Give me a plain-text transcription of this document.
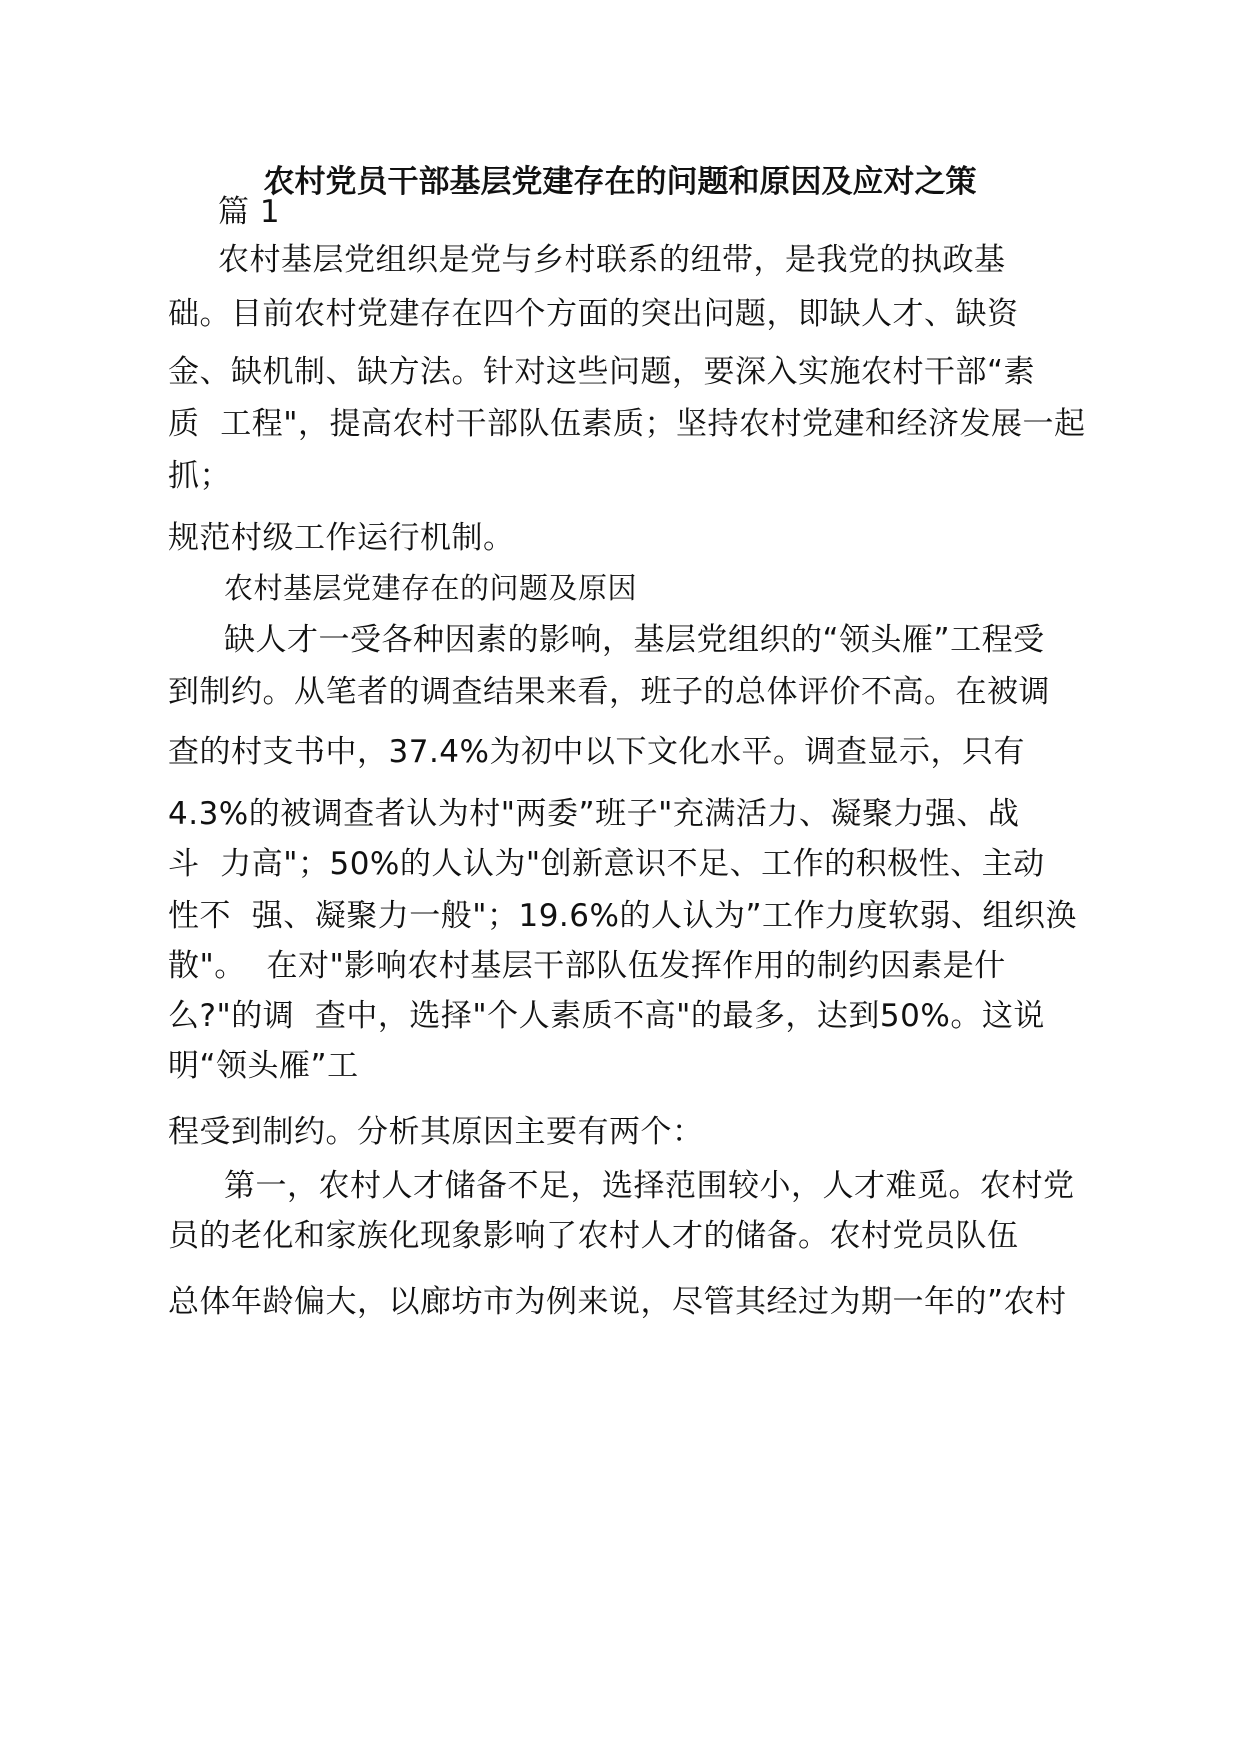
农村党员干部基层党建存在的问题和原因及应对之策
篇 1
农村基层党组织是党与乡村联系的纽带，是我党的执政基
础。目前农村党建存在四个方面的突出问题，即缺人才、缺资
金、缺机制、缺方法。针对这些问题，要深入实施农村干部“素
质  工程"，提高农村干部队伍素质；坚持农村党建和经济发展一起
抓；
规范村级工作运行机制。
农村基层党建存在的问题及原因
缺人才一受各种因素的影响，基层党组织的“领头雁”工程受
到制约。从笔者的调查结果来看，班子的总体评价不高。在被调
查的村支书中，37.4%为初中以下文化水平。调查显示，只有
4.3%的被调查者认为村"两委”班子"充满活力、凝聚力强、战
斗  力高"；50%的人认为"创新意识不足、工作的积极性、主动
性不  强、凝聚力一般"；19.6%的人认为”工作力度软弱、组织涣
散"。  在对"影响农村基层干部队伍发挥作用的制约因素是什
么?"的调  查中，选择"个人素质不高"的最多，达到50%。这说
明“领头雁”工
程受到制约。分析其原因主要有两个：
第一，农村人才储备不足，选择范围较小，人才难觅。农村党
员的老化和家族化现象影响了农村人才的储备。农村党员队伍
总体年龄偏大，以廊坊市为例来说，尽管其经过为期一年的”农村
